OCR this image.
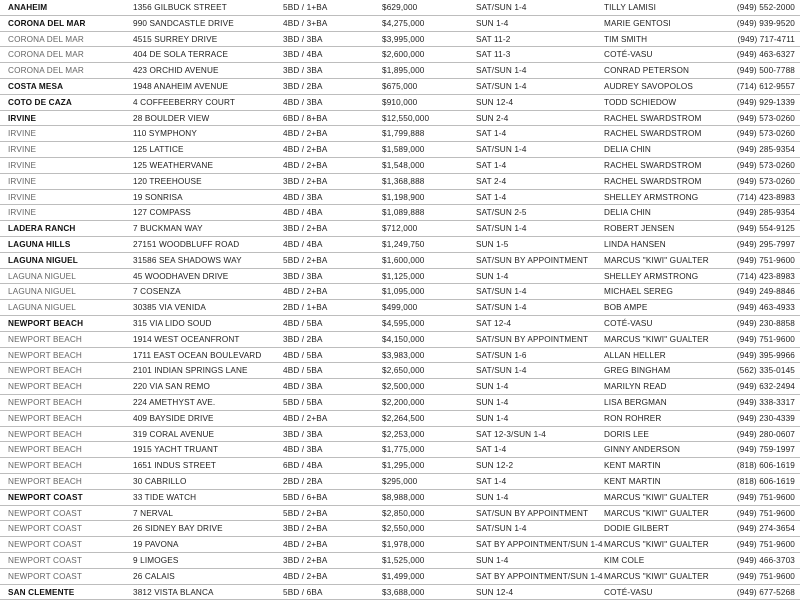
ANAHEIM	1356 GILBUCK STREET	5BD / 1+BA	$629,000	SAT/SUN 1-4	TILLY LAMISI	(949) 552-2000
CORONA DEL MAR	990 SANDCASTLE DRIVE	4BD / 3+BA	$4,275,000	SUN 1-4	MARIE GENTOSI	(949) 939-9520
CORONA DEL MAR	4515 SURREY DRIVE	3BD / 3BA	$3,995,000	SAT 11-2	TIM SMITH	(949) 717-4711
CORONA DEL MAR	404 DE SOLA TERRACE	3BD / 4BA	$2,600,000	SAT 11-3	COTÉ-VASU	(949) 463-6327
CORONA DEL MAR	423 ORCHID AVENUE	3BD / 3BA	$1,895,000	SAT/SUN 1-4	CONRAD PETERSON	(949) 500-7788
COSTA MESA	1948 ANAHEIM AVENUE	3BD / 2BA	$675,000	SAT/SUN 1-4	AUDREY SAVOPOLOS	(714) 612-9557
COTO DE CAZA	4 COFFEEBERRY COURT	4BD / 3BA	$910,000	SUN 12-4	TODD SCHIEDOW	(949) 929-1339
IRVINE	28 BOULDER VIEW	6BD / 8+BA	$12,550,000	SUN 2-4	RACHEL SWARDSTROM	(949) 573-0260
IRVINE	110 SYMPHONY	4BD / 2+BA	$1,799,888	SAT 1-4	RACHEL SWARDSTROM	(949) 573-0260
IRVINE	125 LATTICE	4BD / 2+BA	$1,589,000	SAT/SUN 1-4	DELIA CHIN	(949) 285-9354
IRVINE	125 WEATHERVANE	4BD / 2+BA	$1,548,000	SAT 1-4	RACHEL SWARDSTROM	(949) 573-0260
IRVINE	120 TREEHOUSE	3BD / 2+BA	$1,368,888	SAT 2-4	RACHEL SWARDSTROM	(949) 573-0260
IRVINE	19 SONRISA	4BD / 3BA	$1,198,900	SAT 1-4	SHELLEY ARMSTRONG	(714) 423-8983
IRVINE	127 COMPASS	4BD / 4BA	$1,089,888	SAT/SUN 2-5	DELIA CHIN	(949) 285-9354
LADERA RANCH	7 BUCKMAN WAY	3BD / 2+BA	$712,000	SAT/SUN 1-4	ROBERT JENSEN	(949) 554-9125
LAGUNA HILLS	27151 WOODBLUFF ROAD	4BD / 4BA	$1,249,750	SUN 1-5	LINDA HANSEN	(949) 295-7997
LAGUNA NIGUEL	31586 SEA SHADOWS WAY	5BD / 2+BA	$1,600,000	SAT/SUN BY APPOINTMENT MARCUS "KIWI" GUALTER	(949) 751-9600
LAGUNA NIGUEL	45 WOODHAVEN DRIVE	3BD / 3BA	$1,125,000	SUN 1-4	SHELLEY ARMSTRONG	(714) 423-8983
LAGUNA NIGUEL	7 COSENZA	4BD / 2+BA	$1,095,000	SAT/SUN 1-4	MICHAEL SEREG	(949) 249-8846
LAGUNA NIGUEL	30385 VIA VENIDA	2BD / 1+BA	$499,000	SAT/SUN 1-4	BOB AMPE	(949) 463-4933
NEWPORT BEACH	315 VIA LIDO SOUD	4BD / 5BA	$4,595,000	SAT 12-4	COTÉ-VASU	(949) 230-8858
NEWPORT BEACH	1914 WEST OCEANFRONT	3BD / 2BA	$4,150,000	SAT/SUN BY APPOINTMENT MARCUS "KIWI" GUALTER	(949) 751-9600
NEWPORT BEACH	1711 EAST OCEAN BOULEVARD	4BD / 5BA	$3,983,000	SAT/SUN 1-6	ALLAN HELLER	(949) 395-9966
NEWPORT BEACH	2101 INDIAN SPRINGS LANE	4BD / 5BA	$2,650,000	SAT/SUN 1-4	GREG BINGHAM	(562) 335-0145
NEWPORT BEACH	220 VIA SAN REMO	4BD / 3BA	$2,500,000	SUN 1-4	MARILYN READ	(949) 632-2494
NEWPORT BEACH	224 AMETHYST AVE.	5BD / 5BA	$2,200,000	SUN 1-4	LISA BERGMAN	(949) 338-3317
NEWPORT BEACH	409 BAYSIDE DRIVE	4BD / 2+BA	$2,264,500	SUN 1-4	RON ROHRER	(949) 230-4339
NEWPORT BEACH	319 CORAL AVENUE	3BD / 3BA	$2,253,000	SAT 12-3/SUN 1-4	DORIS LEE	(949) 280-0607
NEWPORT BEACH	1915 YACHT TRUANT	4BD / 3BA	$1,775,000	SAT 1-4	GINNY ANDERSON	(949) 759-1997
NEWPORT BEACH	1651 INDUS STREET	6BD / 4BA	$1,295,000	SUN 12-2	KENT MARTIN	(818) 606-1619
NEWPORT BEACH	30 CABRILLO	2BD / 2BA	$295,000	SAT 1-4	KENT MARTIN	(818) 606-1619
NEWPORT COAST	33 TIDE WATCH	5BD / 6+BA	$8,988,000	SUN 1-4	MARCUS "KIWI" GUALTER	(949) 751-9600
NEWPORT COAST	7 NERVAL	5BD / 2+BA	$2,850,000	SAT/SUN BY APPOINTMENT MARCUS "KIWI" GUALTER	(949) 751-9600
NEWPORT COAST	26 SIDNEY BAY DRIVE	3BD / 2+BA	$2,550,000	SAT/SUN 1-4	DODIE GILBERT	(949) 274-3654
NEWPORT COAST	19 PAVONA	4BD / 2+BA	$1,978,000	SAT BY APPOINTMENT/SUN 1-4 MARCUS "KIWI" GUALTER	(949) 751-9600
NEWPORT COAST	9 LIMOGES	3BD / 2+BA	$1,525,000	SUN 1-4	KIM COLE	(949) 466-3703
NEWPORT COAST	26 CALAIS	4BD / 2+BA	$1,499,000	SAT BY APPOINTMENT/SUN 1-4 MARCUS "KIWI" GUALTER	(949) 751-9600
SAN CLEMENTE	3812 VISTA BLANCA	5BD / 6BA	$3,688,000	SUN 12-4	COTÉ-VASU	(949) 677-5268
